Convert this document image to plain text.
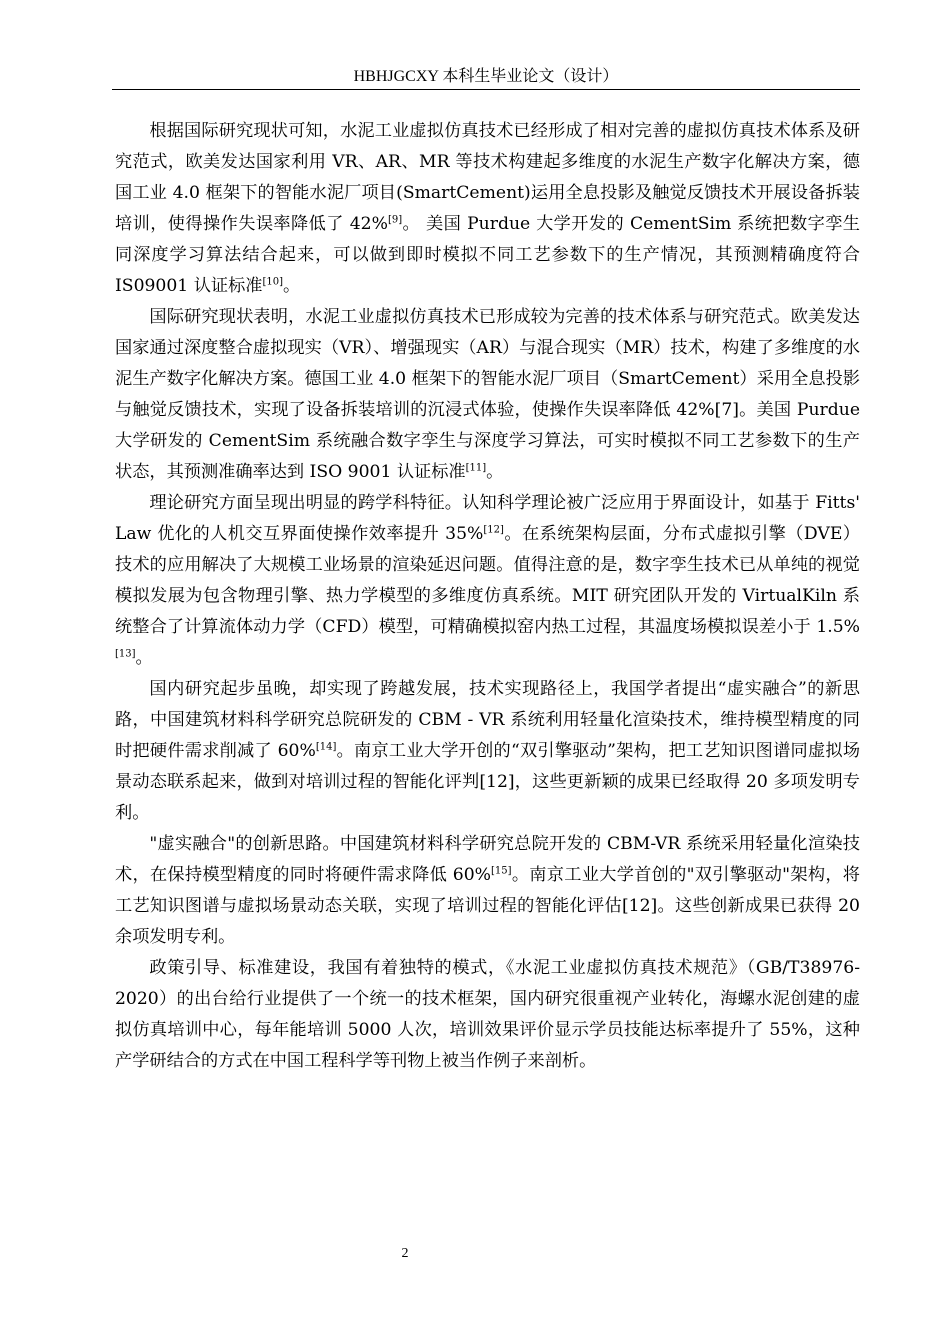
HBHJGCXY 本科生毕业论文（设计）

根据国际研究现状可知，水泥工业虚拟仿真技术已经形成了相对完善的虚拟仿真技术体系及研究范式，欧美发达国家利用 VR、AR、MR 等技术构建起多维度的水泥生产数字化解决方案，德国工业 4.0 框架下的智能水泥厂项目(SmartCement)运用全息投影及触觉反馈技术开展设备拆装培训，使得操作失误率降低了 42%[9]。 美国 Purdue 大学开发的 CementSim 系统把数字孪生同深度学习算法结合起来，可以做到即时模拟不同工艺参数下的生产情况，其预测精确度符合 IS09001 认证标准[10]。

国际研究现状表明，水泥工业虚拟仿真技术已形成较为完善的技术体系与研究范式。欧美发达国家通过深度整合虚拟现实（VR）、增强现实（AR）与混合现实（MR）技术，构建了多维度的水泥生产数字化解决方案。德国工业 4.0 框架下的智能水泥厂项目（SmartCement）采用全息投影与触觉反馈技术，实现了设备拆装培训的沉浸式体验，使操作失误率降低 42%[7]。美国 Purdue 大学研发的 CementSim 系统融合数字孪生与深度学习算法，可实时模拟不同工艺参数下的生产状态，其预测准确率达到 ISO 9001 认证标准[11]。

理论研究方面呈现出明显的跨学科特征。认知科学理论被广泛应用于界面设计，如基于 Fitts' Law 优化的人机交互界面使操作效率提升 35%[12]。在系统架构层面，分布式虚拟引擎（DVE）技术的应用解决了大规模工业场景的渲染延迟问题。值得注意的是，数字孪生技术已从单纯的视觉模拟发展为包含物理引擎、热力学模型的多维度仿真系统。MIT 研究团队开发的 VirtualKiln 系统整合了计算流体动力学（CFD）模型，可精确模拟窑内热工过程，其温度场模拟误差小于 1.5%[13]。

国内研究起步虽晚，却实现了跨越发展，技术实现路径上，我国学者提出“虚实融合”的新思路，中国建筑材料科学研究总院研发的 CBM - VR 系统利用轻量化渲染技术，维持模型精度的同时把硬件需求削减了 60%[14]。南京工业大学开创的“双引擎驱动”架构，把工艺知识图谱同虚拟场景动态联系起来，做到对培训过程的智能化评判[12]，这些更新颖的成果已经取得 20 多项发明专利。

"虚实融合"的创新思路。中国建筑材料科学研究总院开发的 CBM-VR 系统采用轻量化渲染技术，在保持模型精度的同时将硬件需求降低 60%[15]。南京工业大学首创的"双引擎驱动"架构，将工艺知识图谱与虚拟场景动态关联，实现了培训过程的智能化评估[12]。这些创新成果已获得 20 余项发明专利。

政策引导、标准建设，我国有着独特的模式，《水泥工业虚拟仿真技术规范》（GB/T38976-2020）的出台给行业提供了一个统一的技术框架，国内研究很重视产业转化，海螺水泥创建的虚拟仿真培训中心，每年能培训 5000 人次，培训效果评价显示学员技能达标率提升了 55%，这种产学研结合的方式在中国工程科学等刊物上被当作例子来剖析。

2
